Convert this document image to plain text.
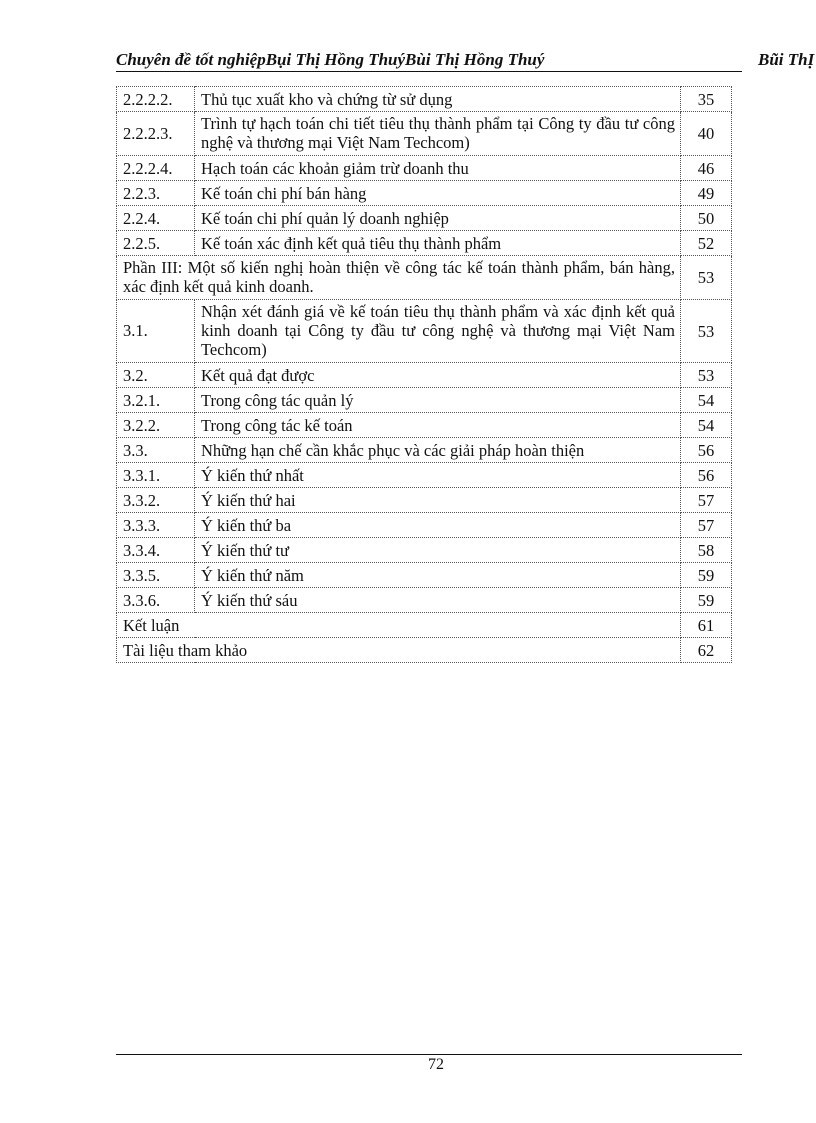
Chuyên đề tốt nghiệpBụi Thị Hồng ThuýBùi Thị Hồng Thuý	Bũi ThỊ
2.2.2.2.	Thủ tục xuất kho và chứng từ sử dụng	35
2.2.2.3.	Trình tự hạch toán chi tiết tiêu thụ thành phẩm tại Công ty đầu tư công nghệ và thương mại Việt Nam Techcom)	40
2.2.2.4.	Hạch toán các khoản giảm trừ doanh thu	46
2.2.3.	Kế toán chi phí bán hàng	49
2.2.4.	Kế toán chi phí quản lý doanh nghiệp	50
2.2.5.	Kế toán xác định kết quả tiêu thụ thành phẩm	52
Phần III: Một số kiến nghị hoàn thiện về công tác kế toán thành phẩm, bán hàng, xác định kết quả kinh doanh.		53
3.1.	Nhận xét đánh giá về kế toán tiêu thụ thành phẩm và xác định kết quả kinh doanh tại Công ty đầu tư công nghệ và thương mại Việt Nam Techcom)	53
3.2.	Kết quả đạt được	53
3.2.1.	Trong công tác quản lý	54
3.2.2.	Trong công tác kế toán	54
3.3.	Những hạn chế cần khắc phục và các giải pháp hoàn thiện	56
3.3.1.	Ý kiến thứ nhất	56
3.3.2.	Ý kiến thứ hai	57
3.3.3.	Ý kiến thứ ba	57
3.3.4.	Ý kiến thứ tư	58
3.3.5.	Ý kiến thứ năm	59
3.3.6.	Ý kiến thứ sáu	59
Kết luận		61
Tài liệu tham khảo		62
72
